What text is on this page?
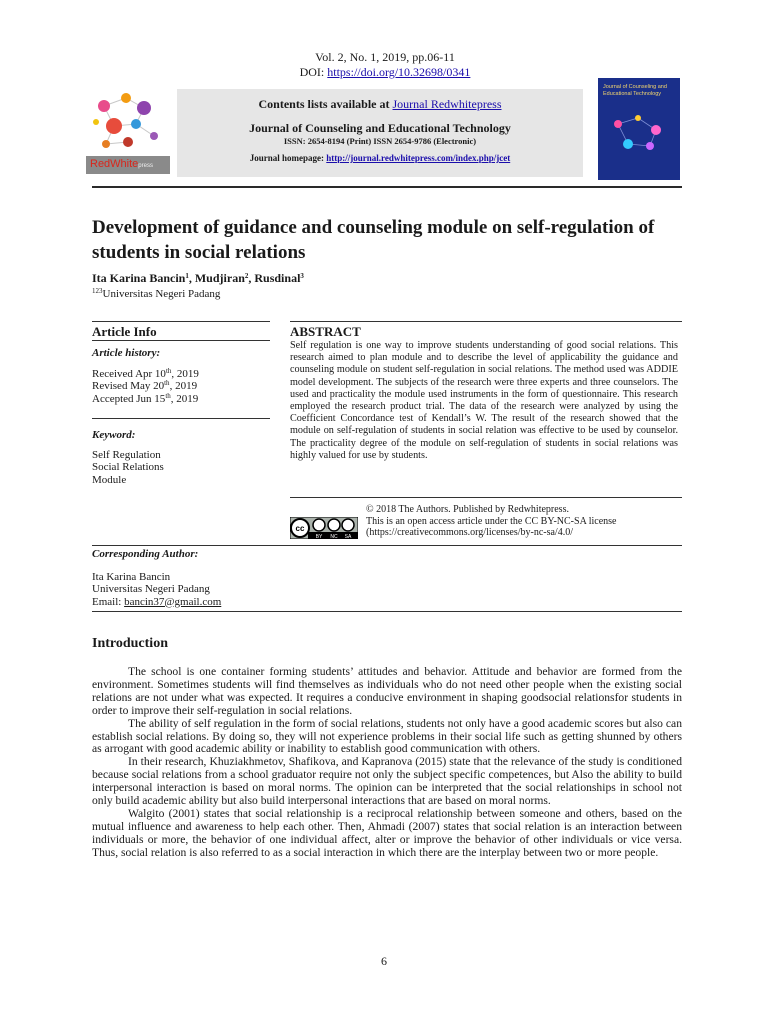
Vol. 2, No. 1, 2019, pp.06-11
DOI: https://doi.org/10.32698/0341
RedWhitepress
Contents lists available at Journal Redwhitepress
Journal of Counseling and Educational Technology
ISSN: 2654-8194 (Print) ISSN 2654-9786 (Electronic)
Journal homepage: http://journal.redwhitepress.com/index.php/jcet
Journal of Counseling and Educational Technology
Development of guidance and counseling module on self-regulation of students in social relations
Ita Karina Bancin$^1$, Mudjiran$^2$, Rusdinal$^3$
$^{123}$Universitas Negeri Padang
Article Info
Article history:
Received Apr 10th, 2019
Revised May 20th, 2019
Accepted Jun 15th, 2019
Keyword:
Self Regulation
Social Relations
Module
Corresponding Author:
Ita Karina Bancin
Universitas Negeri Padang
Email: bancin37@gmail.com
ABSTRACT
Self regulation is one way to improve students understanding of good social relations. This research aimed to plan module and to describe the level of applicability the guidance and counseling module on student self-regulation in social relations. The method used was ADDIE model development. The subjects of the research were three experts and three counselors. The used and practicality the module used instruments in the form of questionnaire. This research employed the research product trial. The data of the research were analyzed by using the Coefficient Concordance test of Kendall’s W. The result of the research showed that the module on self-regulation of students in social relation was effective to be used by counselor. The practicality degree of the module on self-regulation of students in social relations was highly valued for use by students.
cc
BY NC SA
© 2018 The Authors. Published by Redwhitepress.
This is an open access article under the CC BY-NC-SA license
(https://creativecommons.org/licenses/by-nc-sa/4.0/
Introduction

The school is one container forming students’ attitudes and behavior. Attitude and behavior are formed from the environment. Sometimes students will find themselves as individuals who do not need other people when the existing social relations are not under what was expected. It requires a conducive environment in shaping goodsocial relationsfor students in order to improve their self-regulation in social relations.

The ability of self regulation in the form of social relations, students not only have a good academic scores but also can establish social relations. By doing so, they will not experience problems in their social life such as getting shunned by others as arrogant with good academic ability or inability to establish good communication with others.

In their research, Khuziakhmetov, Shafikova, and Kapranova (2015) state that the relevance of the study is conditioned because social relations from a school graduator require not only the subject specific competences, but Also the ability to build interpersonal interaction is based on moral norms. The opinion can be interpreted that the social relationships in school not only build academic ability but also build interpersonal interactions that are based on moral norms.

Walgito (2001) states that social relationship is a reciprocal relationship between someone and others, based on the mutual influence and awareness to help each other. Then, Ahmadi (2007) states that social relation is an interaction between individuals or more, the behavior of one individual affect, alter or improve the behavior of other individuals or vice versa. Thus, social relation is also referred to as a social interaction in which there are the interplay between two or more people.

6
